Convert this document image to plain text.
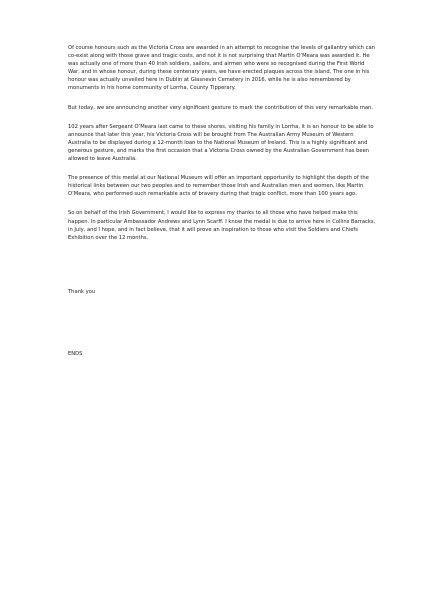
Of course honours such as the Victoria Cross are awarded in an attempt to recognise the levels of gallantry which can co-exist along with those grave and tragic costs, and not it is not surprising that Martin O’Meara was awarded it. He was actually one of more than 40 Irish soldiers, sailors, and airmen who were so recognised during the First World War, and in whose honour, during these centenary years, we have erected plaques across the island. The one in his honour was actually unveiled here in Dublin at Glasnevin Cemetery in 2016, while he is also remembered by monuments in his home community of Lorrha, County Tipperary.

But today, we are announcing another very significant gesture to mark the contribution of this very remarkable man.

102 years after Sergeant O’Meara last came to these shores, visiting his family in Lorrha, it is an honour to be able to announce that later this year, his Victoria Cross will be brought from The Australian Army Museum of Western Australia to be displayed during a 12-month loan to the National Museum of Ireland. This is a highly significant and generous gesture, and marks the first occasion that a Victoria Cross owned by the Australian Government has been allowed to leave Australia.

The presence of this medal at our National Museum will offer an important opportunity to highlight the depth of the historical links between our two peoples and to remember those Irish and Australian men and women, like Martin O’Meara, who performed such remarkable acts of bravery during that tragic conflict, more than 100 years ago.

So on behalf of the Irish Government, I would like to express my thanks to all those who have helped make this happen. In particular Ambassador Andrews and Lynn Scarff. I know the medal is due to arrive here in Collins Barracks, in July, and I hope, and in fact believe, that it will prove an inspiration to those who visit the Soldiers and Chiefs Exhibition over the 12 months.

Thank you
ENDS
